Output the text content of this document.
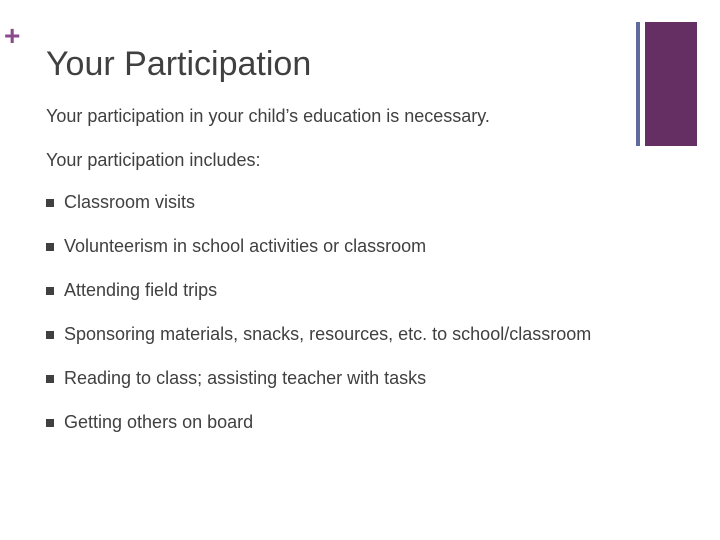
+
Your Participation
Your participation in your child’s education is necessary.
Your participation includes:
Classroom visits
Volunteerism in school activities or classroom
Attending field trips
Sponsoring materials, snacks, resources, etc. to school/classroom
Reading to class; assisting teacher with tasks
Getting others on board
